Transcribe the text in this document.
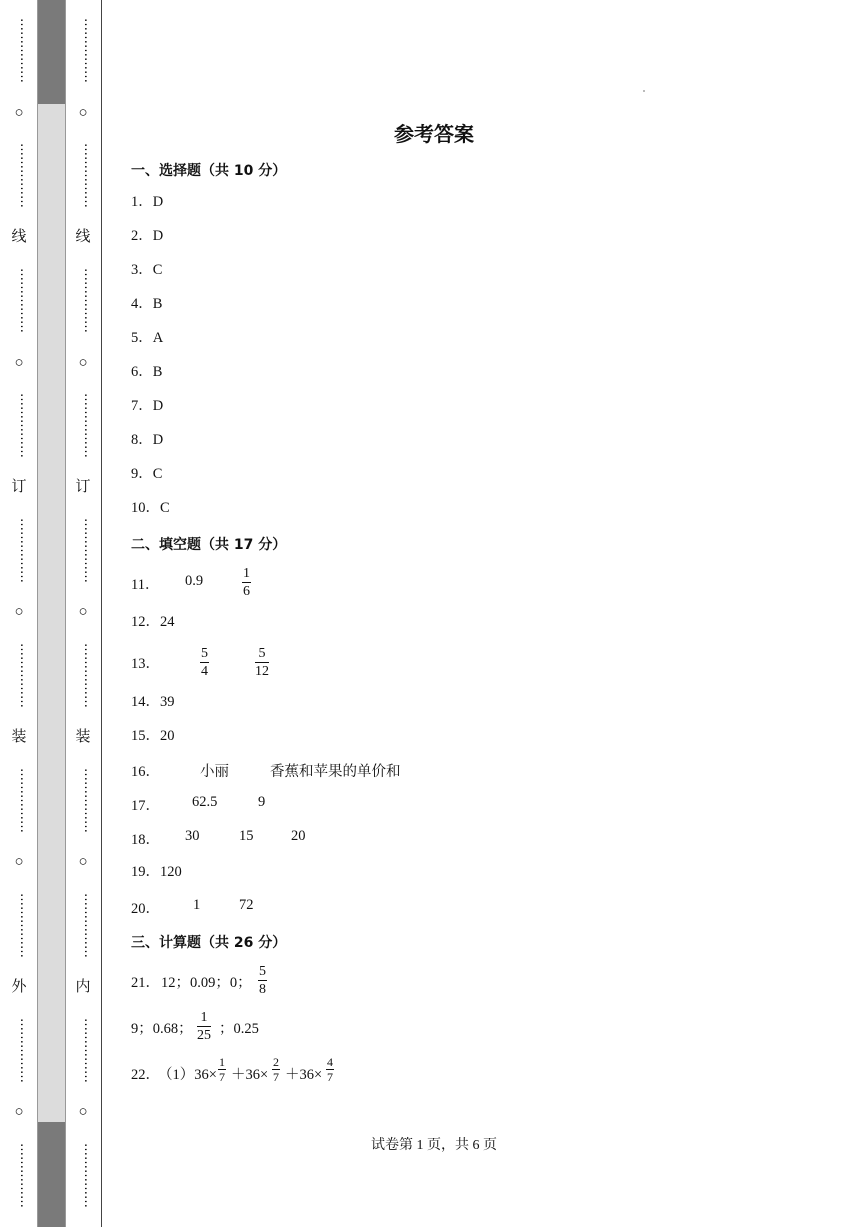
……………
○
……………
线
……………
○
……………
订
……………
○
……………
装
……………
○
……………
外
……………
○
……………
……………
○
……………
线
……………
○
……………
订
……………
○
……………
装
……………
○
……………
内
……………
○
……………
参考答案
一、选择题（共 10 分）
1．D
2．D
3．C
4．B
5．A
6．B
7．D
8．D
9．C
10．C
二、填空题（共 17 分）
11． 0.9	$\frac{1}{6}$
12．24
13．	$\frac{5}{4}$	$\frac{5}{12}$
14．39
15．20
16．	小丽	香蕉和苹果的单价和
17． 62.5	9
18． 30	15	20
19．120
20． 1	72
三、计算题（共 26 分）
21． 12；0.09；0； $\frac{5}{8}$
9；0.68； $\frac{1}{25}$ ；0.25
22．
$(1)36\times \frac{1}{7} +36\times \frac{2}{7} +36\times \frac{4}{7}$
试卷第 1 页，共 6 页
